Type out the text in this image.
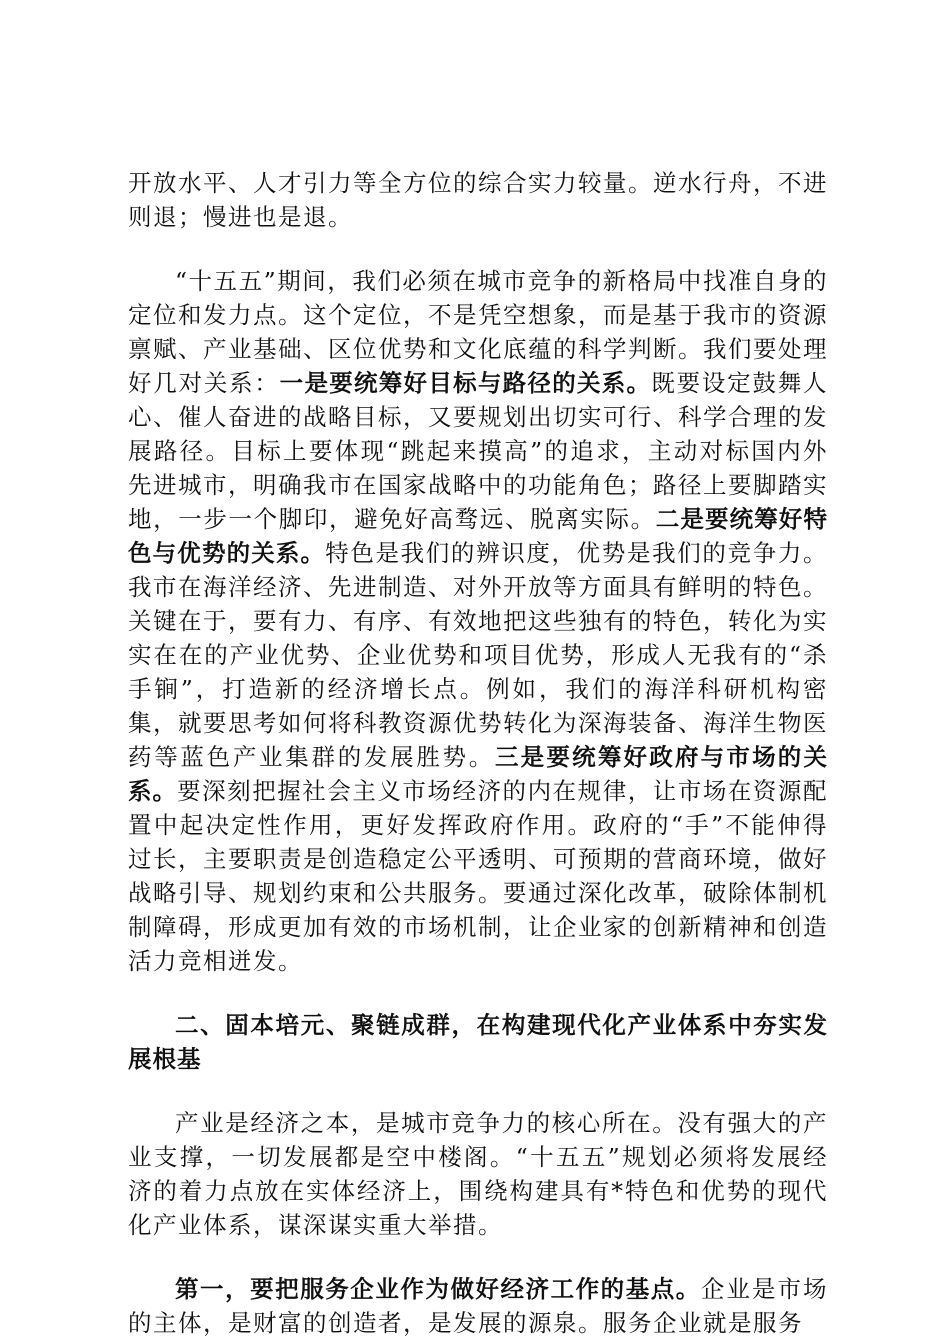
开放水平、人才引力等全方位的综合实力较量。逆水行舟，不进则退；慢进也是退。

“十五五”期间，我们必须在城市竞争的新格局中找准自身的定位和发力点。这个定位，不是凭空想象，而是基于我市的资源禀赋、产业基础、区位优势和文化底蕴的科学判断。我们要处理好几对关系：一是要统筹好目标与路径的关系。既要设定鼓舞人心、催人奋进的战略目标，又要规划出切实可行、科学合理的发展路径。目标上要体现“跳起来摸高”的追求，主动对标国内外先进城市，明确我市在国家战略中的功能角色；路径上要脚踏实地，一步一个脚印，避免好高骛远、脱离实际。二是要统筹好特色与优势的关系。特色是我们的辨识度，优势是我们的竞争力。我市在海洋经济、先进制造、对外开放等方面具有鲜明的特色。关键在于，要有力、有序、有效地把这些独有的特色，转化为实实在在的产业优势、企业优势和项目优势，形成人无我有的“杀手锏”，打造新的经济增长点。例如，我们的海洋科研机构密集，就要思考如何将科教资源优势转化为深海装备、海洋生物医药等蓝色产业集群的发展胜势。三是要统筹好政府与市场的关系。要深刻把握社会主义市场经济的内在规律，让市场在资源配置中起决定性作用，更好发挥政府作用。政府的“手”不能伸得过长，主要职责是创造稳定公平透明、可预期的营商环境，做好战略引导、规划约束和公共服务。要通过深化改革，破除体制机制障碍，形成更加有效的市场机制，让企业家的创新精神和创造活力竞相迸发。

二、固本培元、聚链成群，在构建现代化产业体系中夯实发展根基

产业是经济之本，是城市竞争力的核心所在。没有强大的产业支撑，一切发展都是空中楼阁。“十五五”规划必须将发展经济的着力点放在实体经济上，围绕构建具有*特色和优势的现代化产业体系，谋深谋实重大举措。

第一，要把服务企业作为做好经济工作的基点。企业是市场的主体，是财富的创造者，是发展的源泉。服务企业就是服务
